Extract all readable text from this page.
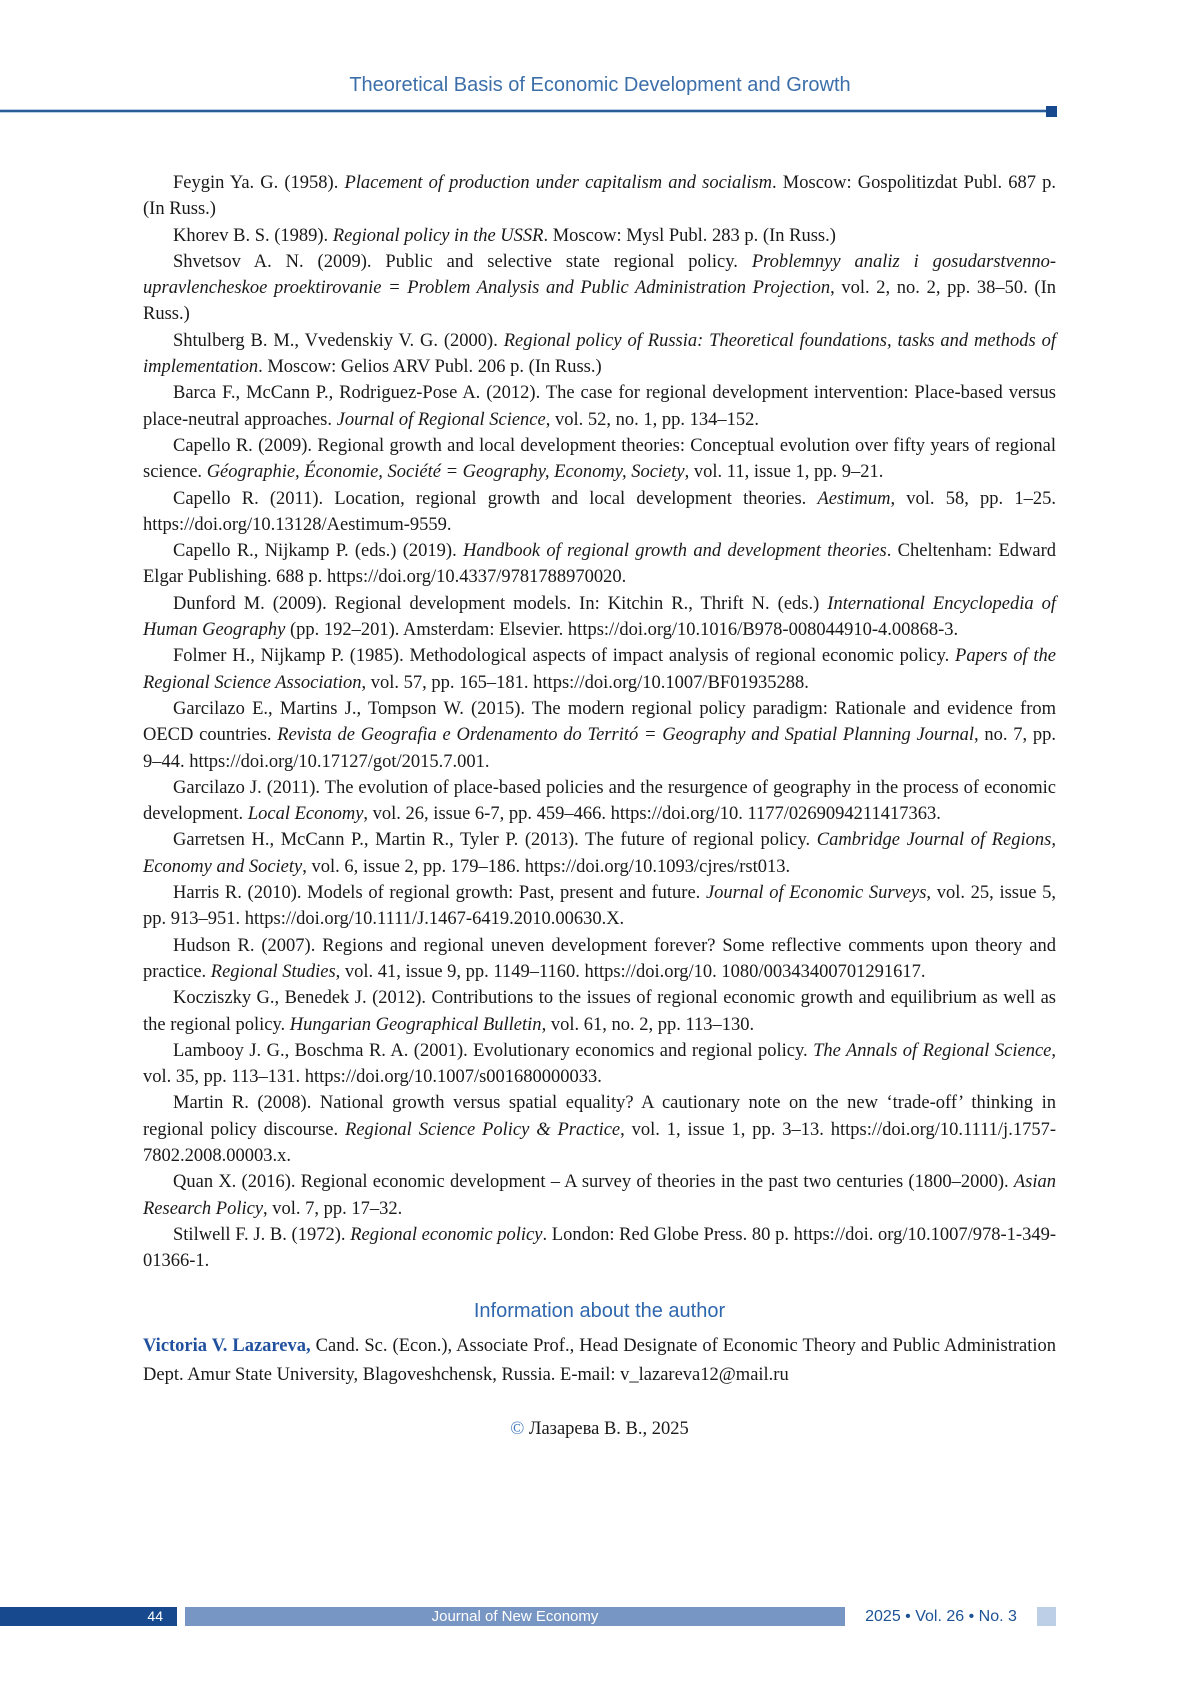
Theoretical Basis of Economic Development and Growth

Feygin Ya. G. (1958). Placement of production under capitalism and socialism. Moscow: Gospolitizdat Publ. 687 p. (In Russ.)

Khorev B. S. (1989). Regional policy in the USSR. Moscow: Mysl Publ. 283 p. (In Russ.)

Shvetsov A. N. (2009). Public and selective state regional policy. Problemnyy analiz i gosudarstvenno-upravlencheskoe proektirovanie = Problem Analysis and Public Administration Projection, vol. 2, no. 2, pp. 38–50. (In Russ.)

Shtulberg B. M., Vvedenskiy V. G. (2000). Regional policy of Russia: Theoretical foundations, tasks and methods of implementation. Moscow: Gelios ARV Publ. 206 p. (In Russ.)

Barca F., McCann P., Rodriguez-Pose A. (2012). The case for regional development intervention: Place-based versus place-neutral approaches. Journal of Regional Science, vol. 52, no. 1, pp. 134–152.

Capello R. (2009). Regional growth and local development theories: Conceptual evolution over fifty years of regional science. Géographie, Économie, Société = Geography, Economy, Society, vol. 11, issue 1, pp. 9–21.

Capello R. (2011). Location, regional growth and local development theories. Aestimum, vol. 58, pp. 1–25. https://doi.org/10.13128/Aestimum-9559.

Capello R., Nijkamp P. (eds.) (2019). Handbook of regional growth and development theories. Cheltenham: Edward Elgar Publishing. 688 p. https://doi.org/10.4337/9781788970020.

Dunford M. (2009). Regional development models. In: Kitchin R., Thrift N. (eds.) International Encyclopedia of Human Geography (pp. 192–201). Amsterdam: Elsevier. https://doi.org/10.1016/B978-008044910-4.00868-3.

Folmer H., Nijkamp P. (1985). Methodological aspects of impact analysis of regional economic policy. Papers of the Regional Science Association, vol. 57, pp. 165–181. https://doi.org/10.1007/BF01935288.

Garcilazo E., Martins J., Tompson W. (2015). The modern regional policy paradigm: Rationale and evidence from OECD countries. Revista de Geografia e Ordenamento do Territó = Geography and Spatial Planning Journal, no. 7, pp. 9–44. https://doi.org/10.17127/got/2015.7.001.

Garcilazo J. (2011). The evolution of place-based policies and the resurgence of geography in the process of economic development. Local Economy, vol. 26, issue 6-7, pp. 459–466. https://doi.org/10. 1177/0269094211417363.

Garretsen H., McCann P., Martin R., Tyler P. (2013). The future of regional policy. Cambridge Journal of Regions, Economy and Society, vol. 6, issue 2, pp. 179–186. https://doi.org/10.1093/cjres/rst013.

Harris R. (2010). Models of regional growth: Past, present and future. Journal of Economic Surveys, vol. 25, issue 5, pp. 913–951. https://doi.org/10.1111/J.1467-6419.2010.00630.X.

Hudson R. (2007). Regions and regional uneven development forever? Some reflective comments upon theory and practice. Regional Studies, vol. 41, issue 9, pp. 1149–1160. https://doi.org/10. 1080/00343400701291617.

Kocziszky G., Benedek J. (2012). Contributions to the issues of regional economic growth and equilibrium as well as the regional policy. Hungarian Geographical Bulletin, vol. 61, no. 2, pp. 113–130.

Lambooy J. G., Boschma R. A. (2001). Evolutionary economics and regional policy. The Annals of Regional Science, vol. 35, pp. 113–131. https://doi.org/10.1007/s001680000033.

Martin R. (2008). National growth versus spatial equality? A cautionary note on the new ‘trade-off’ thinking in regional policy discourse. Regional Science Policy & Practice, vol. 1, issue 1, pp. 3–13. https://doi.org/10.1111/j.1757-7802.2008.00003.x.

Quan X. (2016). Regional economic development – A survey of theories in the past two centuries (1800–2000). Asian Research Policy, vol. 7, pp. 17–32.

Stilwell F. J. B. (1972). Regional economic policy. London: Red Globe Press. 80 p. https://doi. org/10.1007/978-1-349-01366-1.

Information about the author

Victoria V. Lazareva, Cand. Sc. (Econ.), Associate Prof., Head Designate of Economic Theory and Public Administration Dept. Amur State University, Blagoveshchensk, Russia. E-mail: v_lazareva12@mail.ru

© Лазарева В. В., 2025
44	Journal of New Economy	2025 • Vol. 26 • No. 3
